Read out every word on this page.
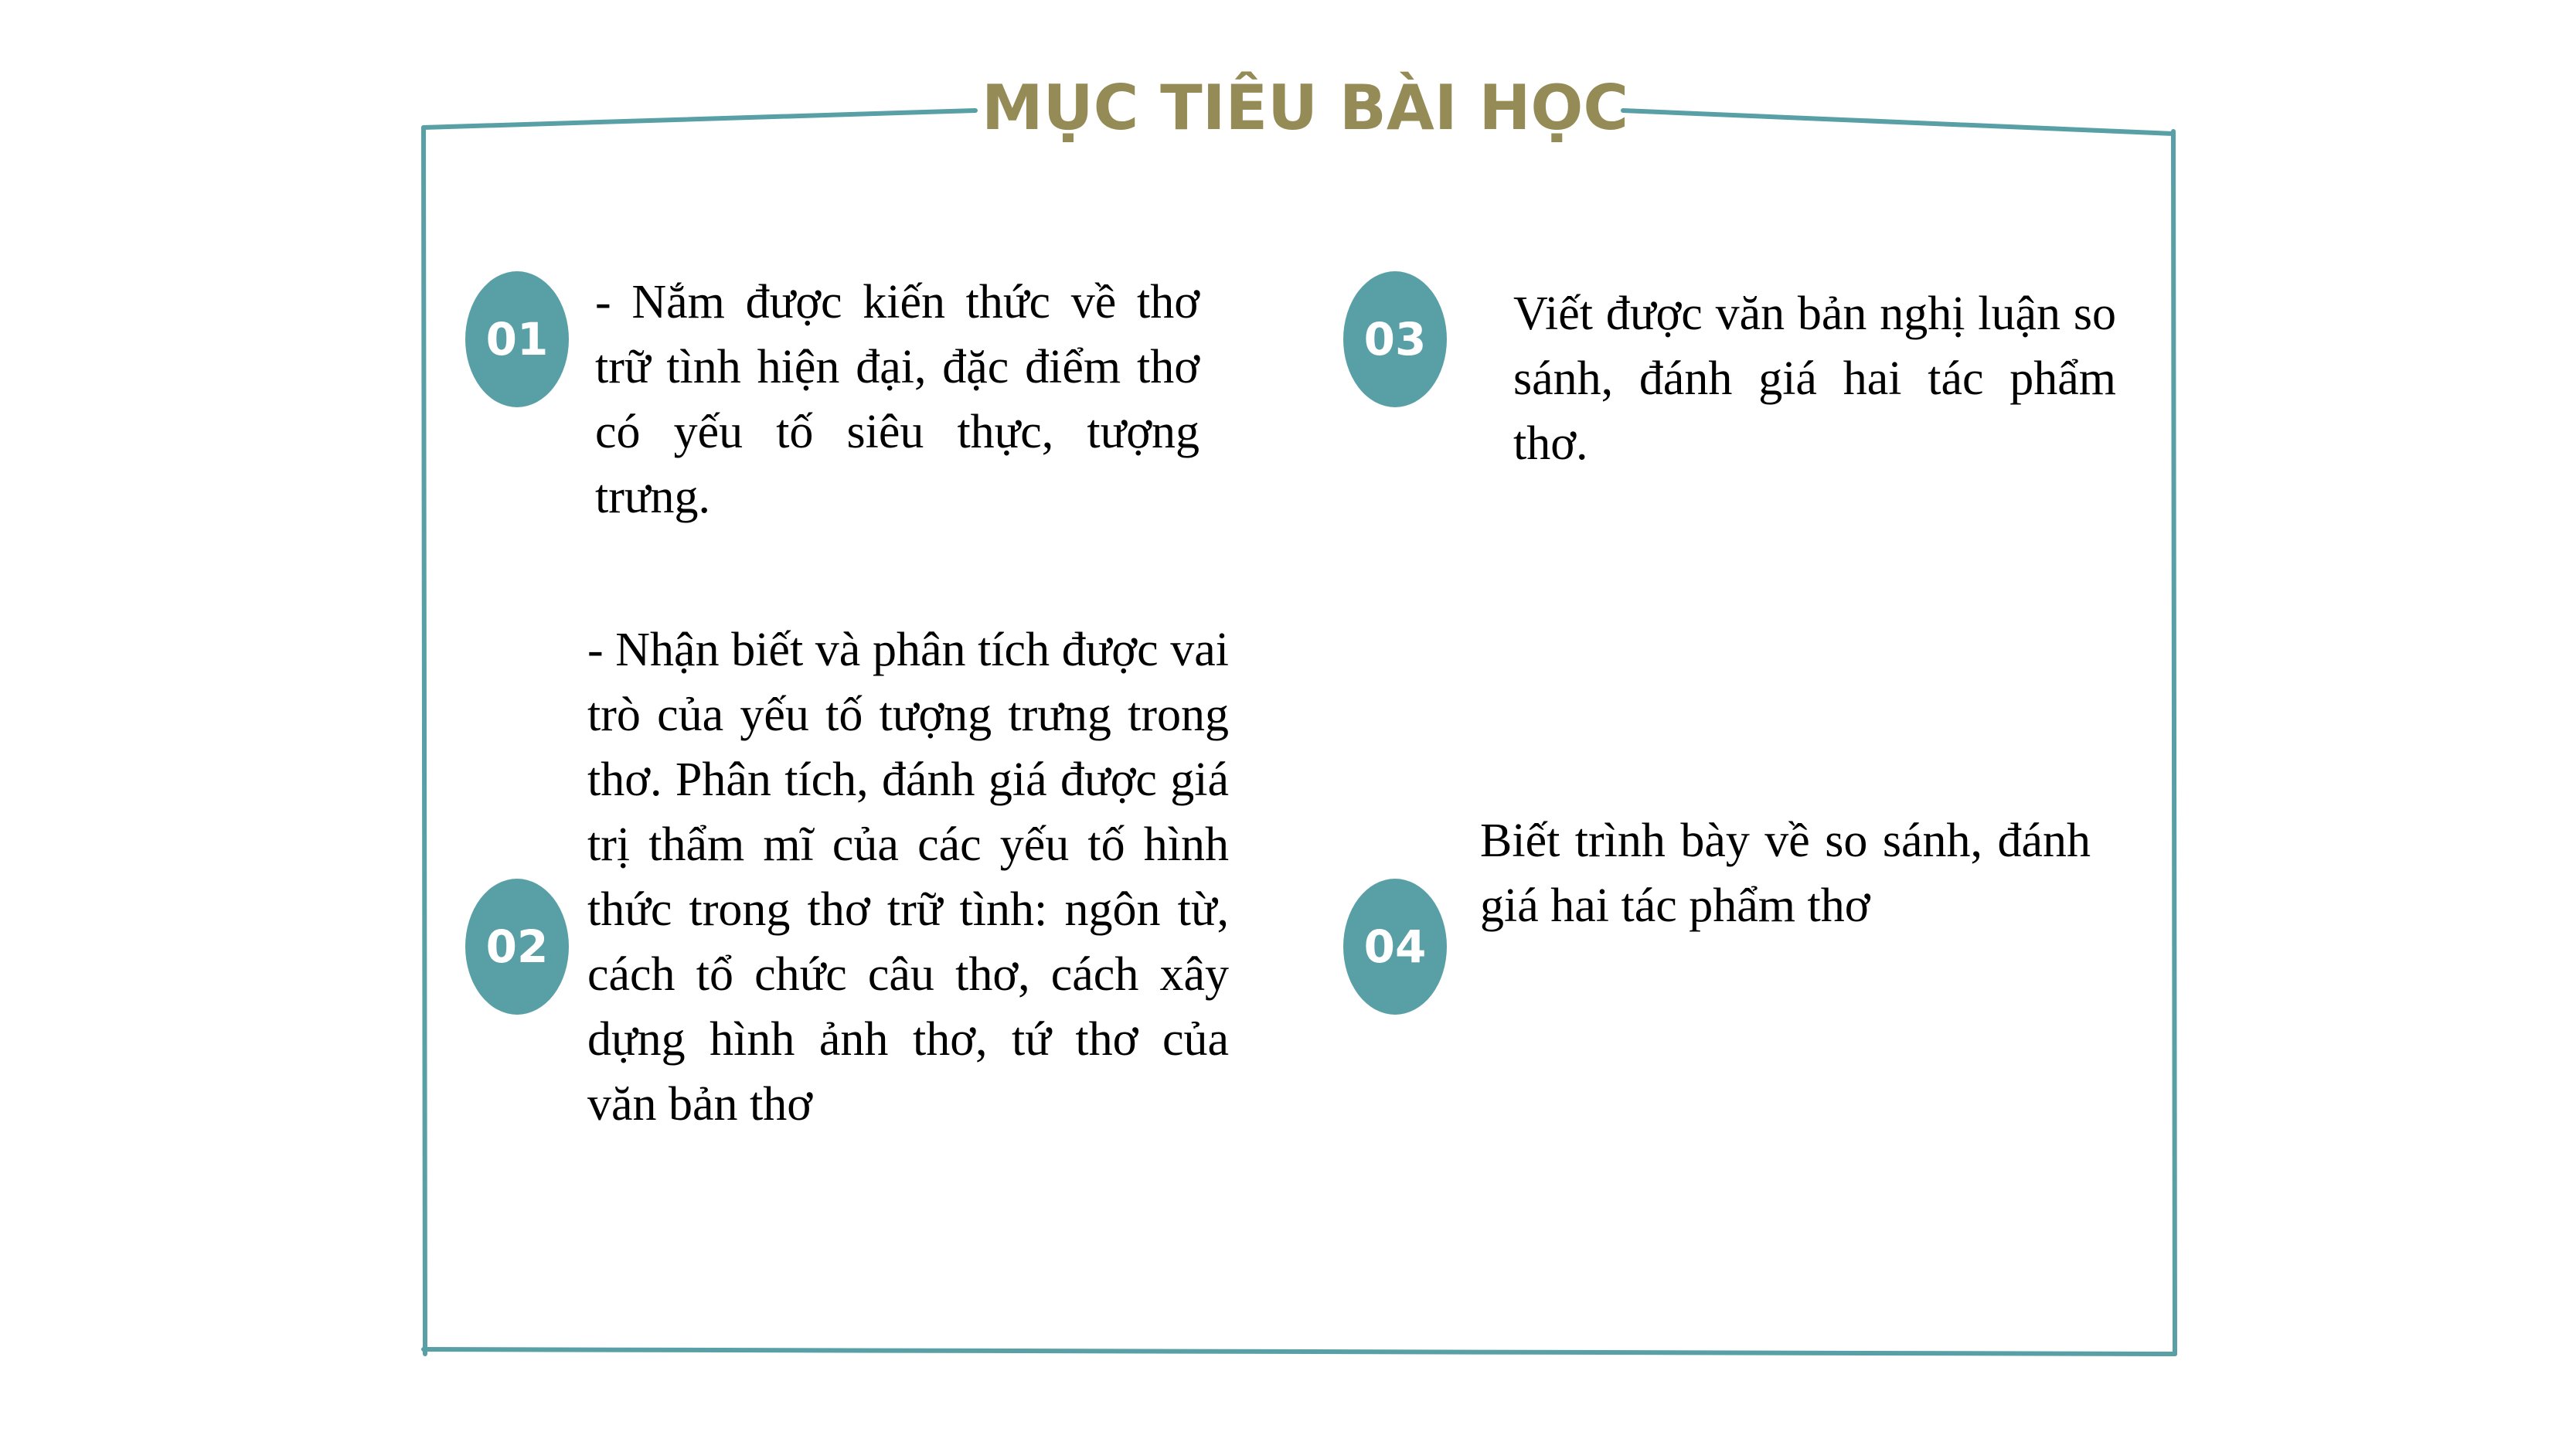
MỤC TIÊU BÀI HỌC
01
- Nắm được kiến thức về thơ trữ tình hiện đại, đặc điểm thơ có yếu tố siêu thực, tượng trưng.
02
- Nhận biết và phân tích được vai trò của yếu tố tượng trưng trong thơ. Phân tích, đánh giá được giá trị thẩm mĩ của các yếu tố hình thức trong thơ trữ tình: ngôn từ, cách tổ chức câu thơ, cách xây dựng hình ảnh thơ, tứ thơ của văn bản thơ
03	Viết được văn bản nghị luận so sánh, đánh giá hai tác phẩm thơ.
04
Biết trình bày về so sánh, đánh giá hai tác phẩm thơ
